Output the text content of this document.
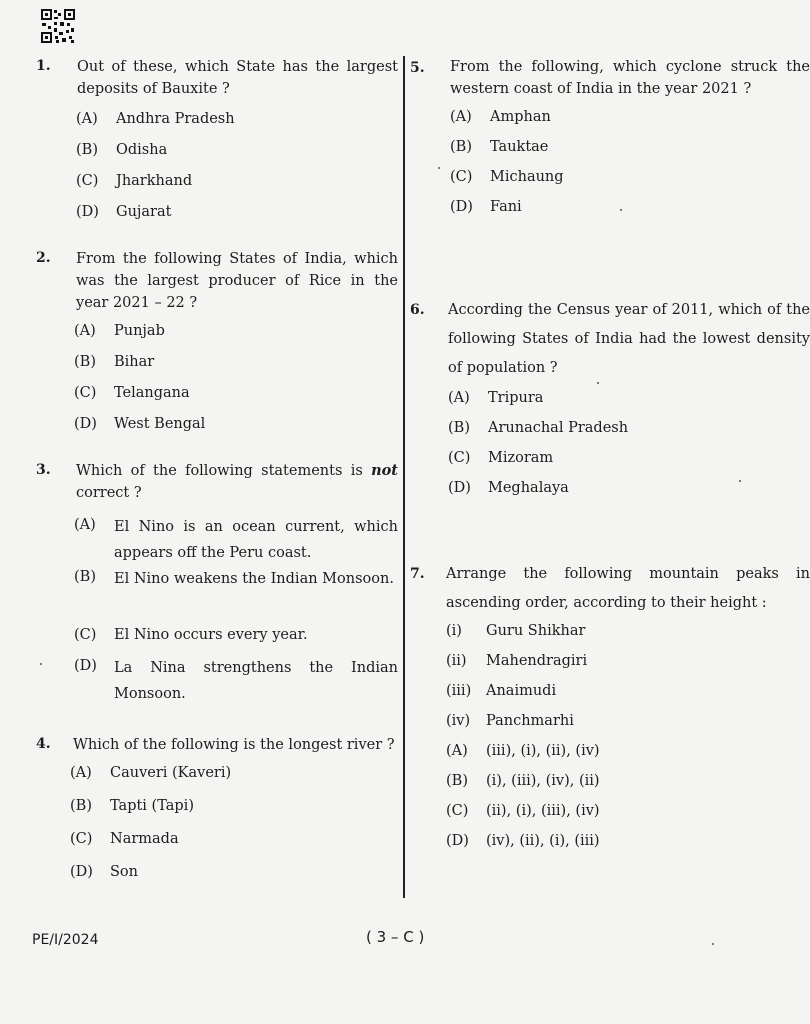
1. Out of these, which State has the largest deposits of Bauxite ?
(A)	Andhra Pradesh
(B)	Odisha
(C)	Jharkhand
(D)	Gujarat
2. From the following States of India, which was the largest producer of Rice in the year 2021 – 22 ?
(A)	Punjab
(B)	Bihar
(C)	Telangana
(D)	West Bengal
3. Which of the following statements is not correct ?
(A)	El Nino is an ocean current, which appears off the Peru coast.
(B)	El Nino weakens the Indian Monsoon.
(C)	El Nino occurs every year.
(D)	La Nina strengthens the Indian Monsoon.
4. Which of the following is the longest river ?
(A)	Cauveri (Kaveri)
(B)	Tapti (Tapi)
(C)	Narmada
(D)	Son
5. From the following, which cyclone struck the western coast of India in the year 2021 ?
(A)	Amphan
(B)	Tauktae
(C)	Michaung
(D)	Fani
6. According the Census year of 2011, which of the following States of India had the lowest density of population ?
(A)	Tripura
(B)	Arunachal Pradesh
(C)	Mizoram
(D)	Meghalaya
7. Arrange the following mountain peaks in ascending order, according to their height :
(i)	Guru Shikhar
(ii)	Mahendragiri
(iii)	Anaimudi
(iv)	Panchmarhi
(A)	(iii), (i), (ii), (iv)
(B)	(i), (iii), (iv), (ii)
(C)	(ii), (i), (iii), (iv)
(D)	(iv), (ii), (i), (iii)
PE/I/2024	( 3 – C )
